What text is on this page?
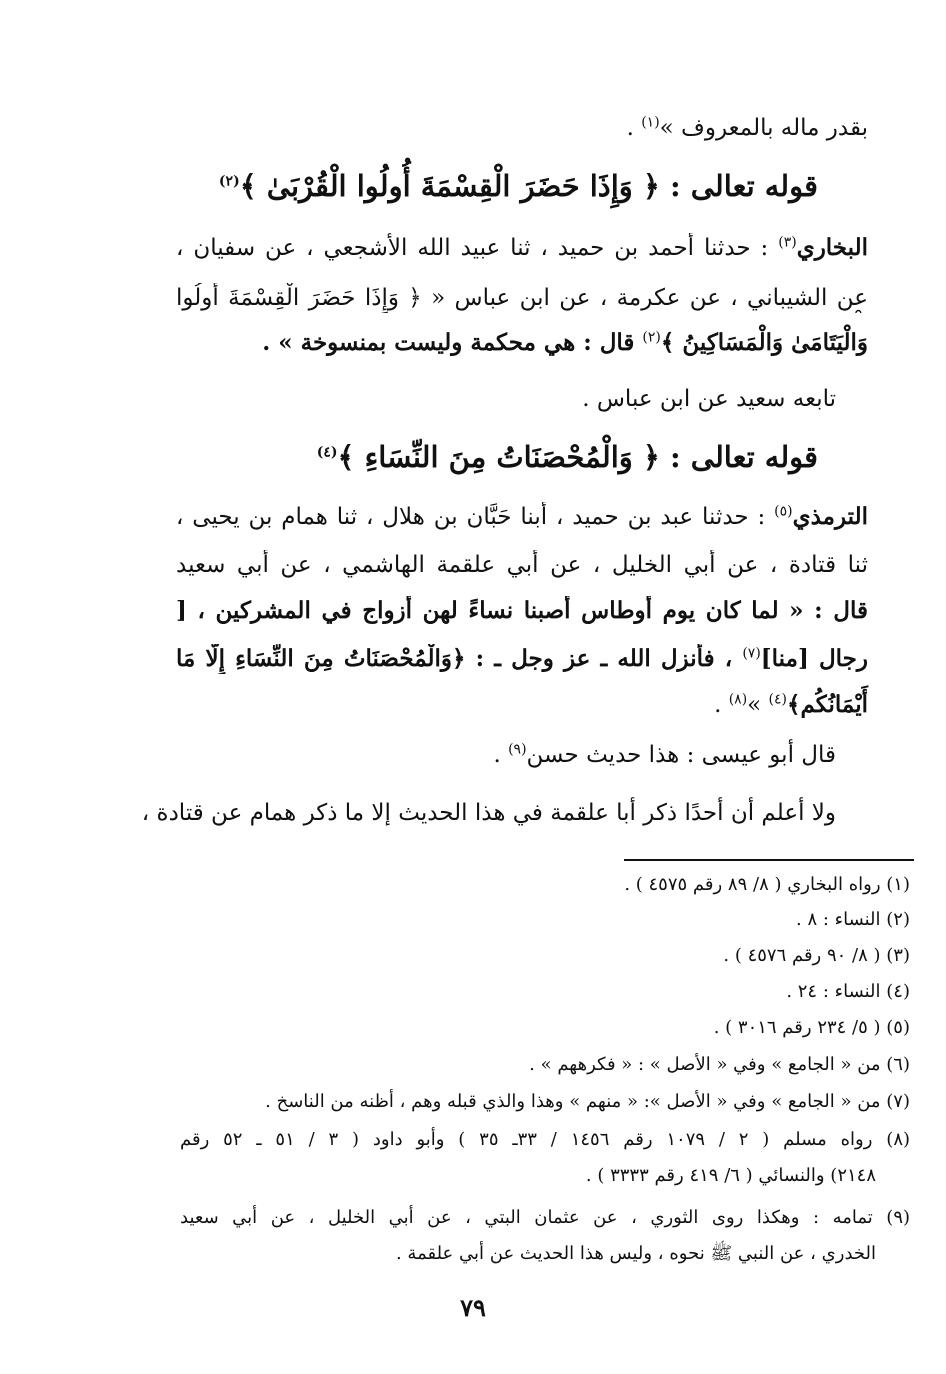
بقدر ماله بالمعروف »$^{(١)}$ .
قوله تعالى : ﴿ وَإِذَا حَضَرَ الْقِسْمَةَ أُولُوا الْقُرْبَىٰ ﴾$^{(٢)}$
البخاري$^{(٣)}$ : حدثنا أحمد بن حميد ، ثنا عبيد الله الأشجعي ، عن سفيان ،
عن الشيباني ، عن عكرمة ، عن ابن عباس « ﴿ وَإِذَا حَضَرَ الْقِسْمَةَ أُولُوا
وَالْيَتَامَىٰ وَالْمَسَاكِينُ ﴾$^{(٢)}$ قال : هي محكمة وليست بمنسوخة » .
تابعه سعيد عن ابن عباس .
قوله تعالى : ﴿ وَالْمُحْصَنَاتُ مِنَ النِّسَاءِ ﴾$^{(٤)}$
الترمذي$^{(٥)}$ : حدثنا عبد بن حميد ، أبنا حَبَّان بن هلال ، ثنا همام بن يحيى ،
ثنا قتادة ، عن أبي الخليل ، عن أبي علقمة الهاشمي ، عن أبي سعيد
قال : « لما كان يوم أوطاس أصبنا نساءً لهن أزواج في المشركين ، [
رجال [منا]$^{(٧)}$ ، فأنزل الله ـ عز وجل ـ : ﴿وَالْمُحْصَنَاتُ مِنَ النِّسَاءِ إِلَّا مَا
أَيْمَانُكُم﴾$^{(٤)}$ »$^{(٨)}$ .
قال أبو عيسى : هذا حديث حسن$^{(٩)}$ .
ولا أعلم أن أحدًا ذكر أبا علقمة في هذا الحديث إلا ما ذكر همام عن قتادة ،
(١) رواه البخاري ( ٨/ ٨٩ رقم ٤٥٧٥ ) .
(٢) النساء : ٨ .
(٣) ( ٨/ ٩٠ رقم ٤٥٧٦ ) .
(٤) النساء : ٢٤ .
(٥) ( ٥/ ٢٣٤ رقم ٣٠١٦ ) .
(٦) من « الجامع » وفي « الأصل » : « فكرههم » .
(٧) من « الجامع » وفي « الأصل »: « منهم » وهذا والذي قبله وهم ، أظنه من الناسخ .
(٨) رواه مسلم ( ٢ / ١٠٧٩ رقم ١٤٥٦ / ٣٣ـ ٣٥ ) وأبو داود ( ٣ / ٥١ ـ ٥٢ رقم
٢١٤٨) والنسائي ( ٦/ ٤١٩ رقم ٣٣٣٣ ) .
(٩) تمامه : وهكذا روى الثوري ، عن عثمان البتي ، عن أبي الخليل ، عن أبي سعيد
الخدري ، عن النبي ﷺ نحوه ، وليس هذا الحديث عن أبي علقمة .
٧٩
